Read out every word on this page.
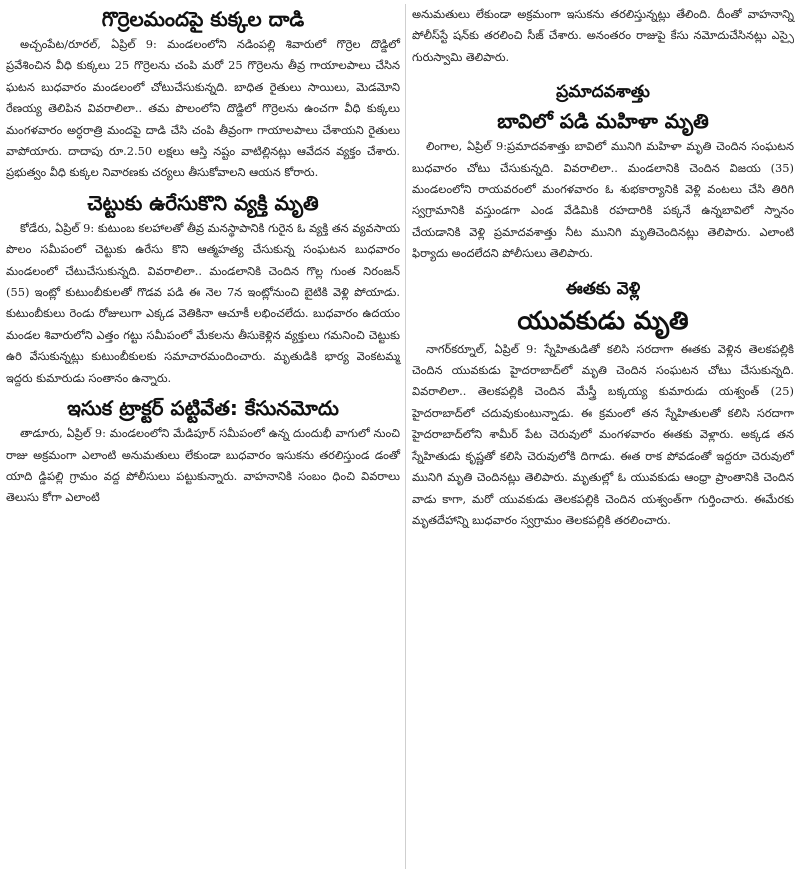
గొర్రెలమందపై కుక్కల దాడి

అచ్చంపేట/రూరల్, ఏప్రిల్ 9: మండలంలోని నడింపల్లి శివారులో గొర్రెల దొడ్డిలో ప్రవేశించిన వీధి కుక్కలు 25 గొర్రెలను చంపి మరో 25 గొర్రెలను తీవ్ర గాయాలపాలు చేసిన ఘటన బుధవారం మండలంలో చోటుచేసుకున్నది. బాధిత రైతులు సాయిలు, మెడమోని రేణయ్య తెలిపిన వివరాలిలా.. తమ పొలంలోని దొడ్డిలో గొర్రెలను ఉంచగా వీధి కుక్కలు మంగళవారం అర్ధరాత్రి మందపై దాడి చేసి చంపి తీవ్రంగా గాయాలపాలు చేశాయని రైతులు వాపోయారు. దాదాపు రూ.2.50 లక్షలు ఆస్తి నష్టం వాటిల్లినట్లు ఆవేదన వ్యక్తం చేశారు. ప్రభుత్వం వీధి కుక్కల నివారణకు చర్యలు తీసుకోవాలని ఆయన కోరారు.

చెట్టుకు ఉరేసుకొని వ్యక్తి మృతి

కోడేరు, ఏప్రిల్ 9: కుటుంబ కలహాలతో తీవ్ర మనస్థాపానికి గురైన ఓ వ్యక్తి తన వ్యవసాయ పొలం సమీపంలో చెట్టుకు ఉరేసు కొని ఆత్మహత్య చేసుకున్న సంఘటన బుధవారం మండలంలో చేటుచేసుకున్నది. వివరాలిలా.. మండలానికి చెందిన గొల్ల గుంత నిరంజన్ (55) ఇంట్లో కుటుంబీకులతో గొడవ పడి ఈ నెల 7న ఇంట్లోనుంచి బైటికి వెళ్లి పోయాడు. కుటుంబీకులు రెండు రోజులుగా ఎక్కడ వెతికినా ఆచూకీ లభించలేదు. బుధవారం ఉదయం మండల శివారులోని ఎత్తం గట్టు సమీపంలో మేకలను తీసుకెళ్లిన వ్యక్తులు గమనించి చెట్టుకు ఉరి వేసుకున్నట్లు కుటుంబీకులకు సమాచారమందించారు. మృతుడికి భార్య వెంకటమ్మ ఇద్దరు కుమారుడు సంతానం ఉన్నారు.

ఇసుక ట్రాక్టర్ పట్టివేత: కేసునమోదు

తాడూరు, ఏప్రిల్ 9: మండలంలోని మేడిపూర్ సమీపంలో ఉన్న దుందుభీ వాగులో నుంచి రాజు అక్రమంగా ఎలాంటి అనుమతులు లేకుండా బుధవారం ఇసుకను తరలిస్తుండ డంతో యాది డ్డిపల్లి గ్రామం వద్ద పోలీసులు పట్టుకున్నారు. వాహనానికి సంబం ధించి వివరాలు తెలుసు కోగా ఎలాంటి

అనుమతులు లేకుండా అక్రమంగా ఇసుకను తరలిస్తున్నట్లు తేలింది. దీంతో వాహనాన్ని పోలీస్‌స్టే షన్‌కు తరలించి సీజ్ చేశారు. అనంతరం రాజుపై కేసు నమోదుచేసినట్లు ఎస్సై గురుస్వామి తెలిపారు.

ప్రమాదవశాత్తు
బావిలో పడి మహిళా మృతి

లింగాల, ఏప్రిల్ 9:ప్రమాదవశాత్తు బావిలో మునిగి మహిళా మృతి చెందిన సంఘటన బుధవారం చోటు చేసుకున్నది. వివరాలిలా.. మండలానికి చెందిన విజయ (35) మండలంలోని రాయవరంలో మంగళవారం ఓ శుభకార్యానికి వెళ్లి వంటలు చేసి తిరిగి స్వగ్రామానికి వస్తుండగా ఎండ వేడిమికి రహదారికి పక్కనే ఉన్నబావిలో స్నానం చేయడానికి వెళ్లి ప్రమాదవశాత్తు నీట మునిగి మృతిచెందినట్లు తెలిపారు. ఎలాంటి ఫిర్యాదు అందలేదని పోలీసులు తెలిపారు.

ఈతకు వెళ్లి
యువకుడు మృతి

నాగర్‌కర్నూల్, ఏప్రిల్ 9: స్నేహితుడితో కలిసి సరదాగా ఈతకు వెళ్లిన తెలకపల్లికి చెందిన యువకుడు హైదరాబాద్‌లో మృతి చెందిన సంఘటన చోటు చేసుకున్నది. వివరాలిలా.. తెలకపల్లికి చెందిన మేస్త్రీ బక్కయ్య కుమారుడు యశ్వంత్ (25) హైదరాబాద్‌లో చదువుకుంటున్నాడు. ఈ క్రమంలో తన స్నేహితులతో కలిసి సరదాగా హైదరాబాద్‌లోని శామీర్ పేట చెరువులో మంగళవారం ఈతకు వెళ్లారు. అక్కడ తన స్నేహితుడు కృష్ణతో కలిసి చెరువులోకి దిగాడు. ఈత రాక పోవడంతో ఇద్దరూ చెరువులో మునిగి మృతి చెందినట్లు తెలిపారు. మృతుల్లో ఓ యువకుడు ఆంధ్రా ప్రాంతానికి చెందిన వాడు కాగా, మరో యువకుడు తెలకపల్లికి చెందిన యశ్వంత్‌గా గుర్తించారు. ఈమేరకు మృతదేహాన్ని బుధవారం స్వగ్రామం తెలకపల్లికి తరలించారు.
